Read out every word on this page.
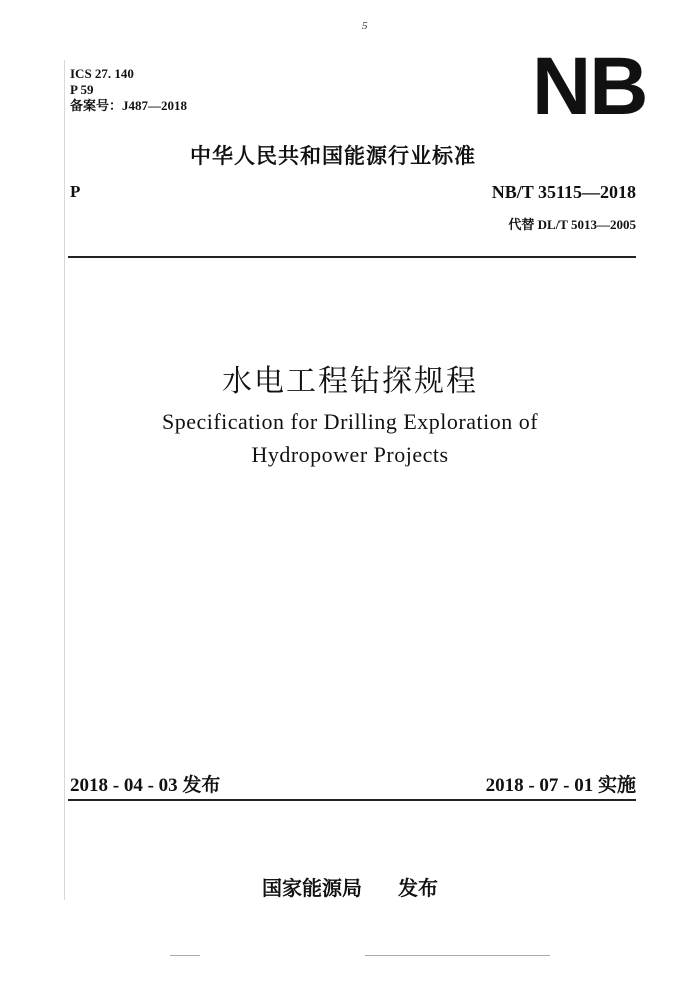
5
ICS 27. 140
P 59
备案号：J487—2018	NB
中华人民共和国能源行业标准
P	NB/T 35115—2018
代替 DL/T 5013—2005
水电工程钻探规程
Specification for Drilling Exploration of
Hydropower Projects
2018 - 04 - 03 发布	2018 - 07 - 01 实施
国家能源局 发布
